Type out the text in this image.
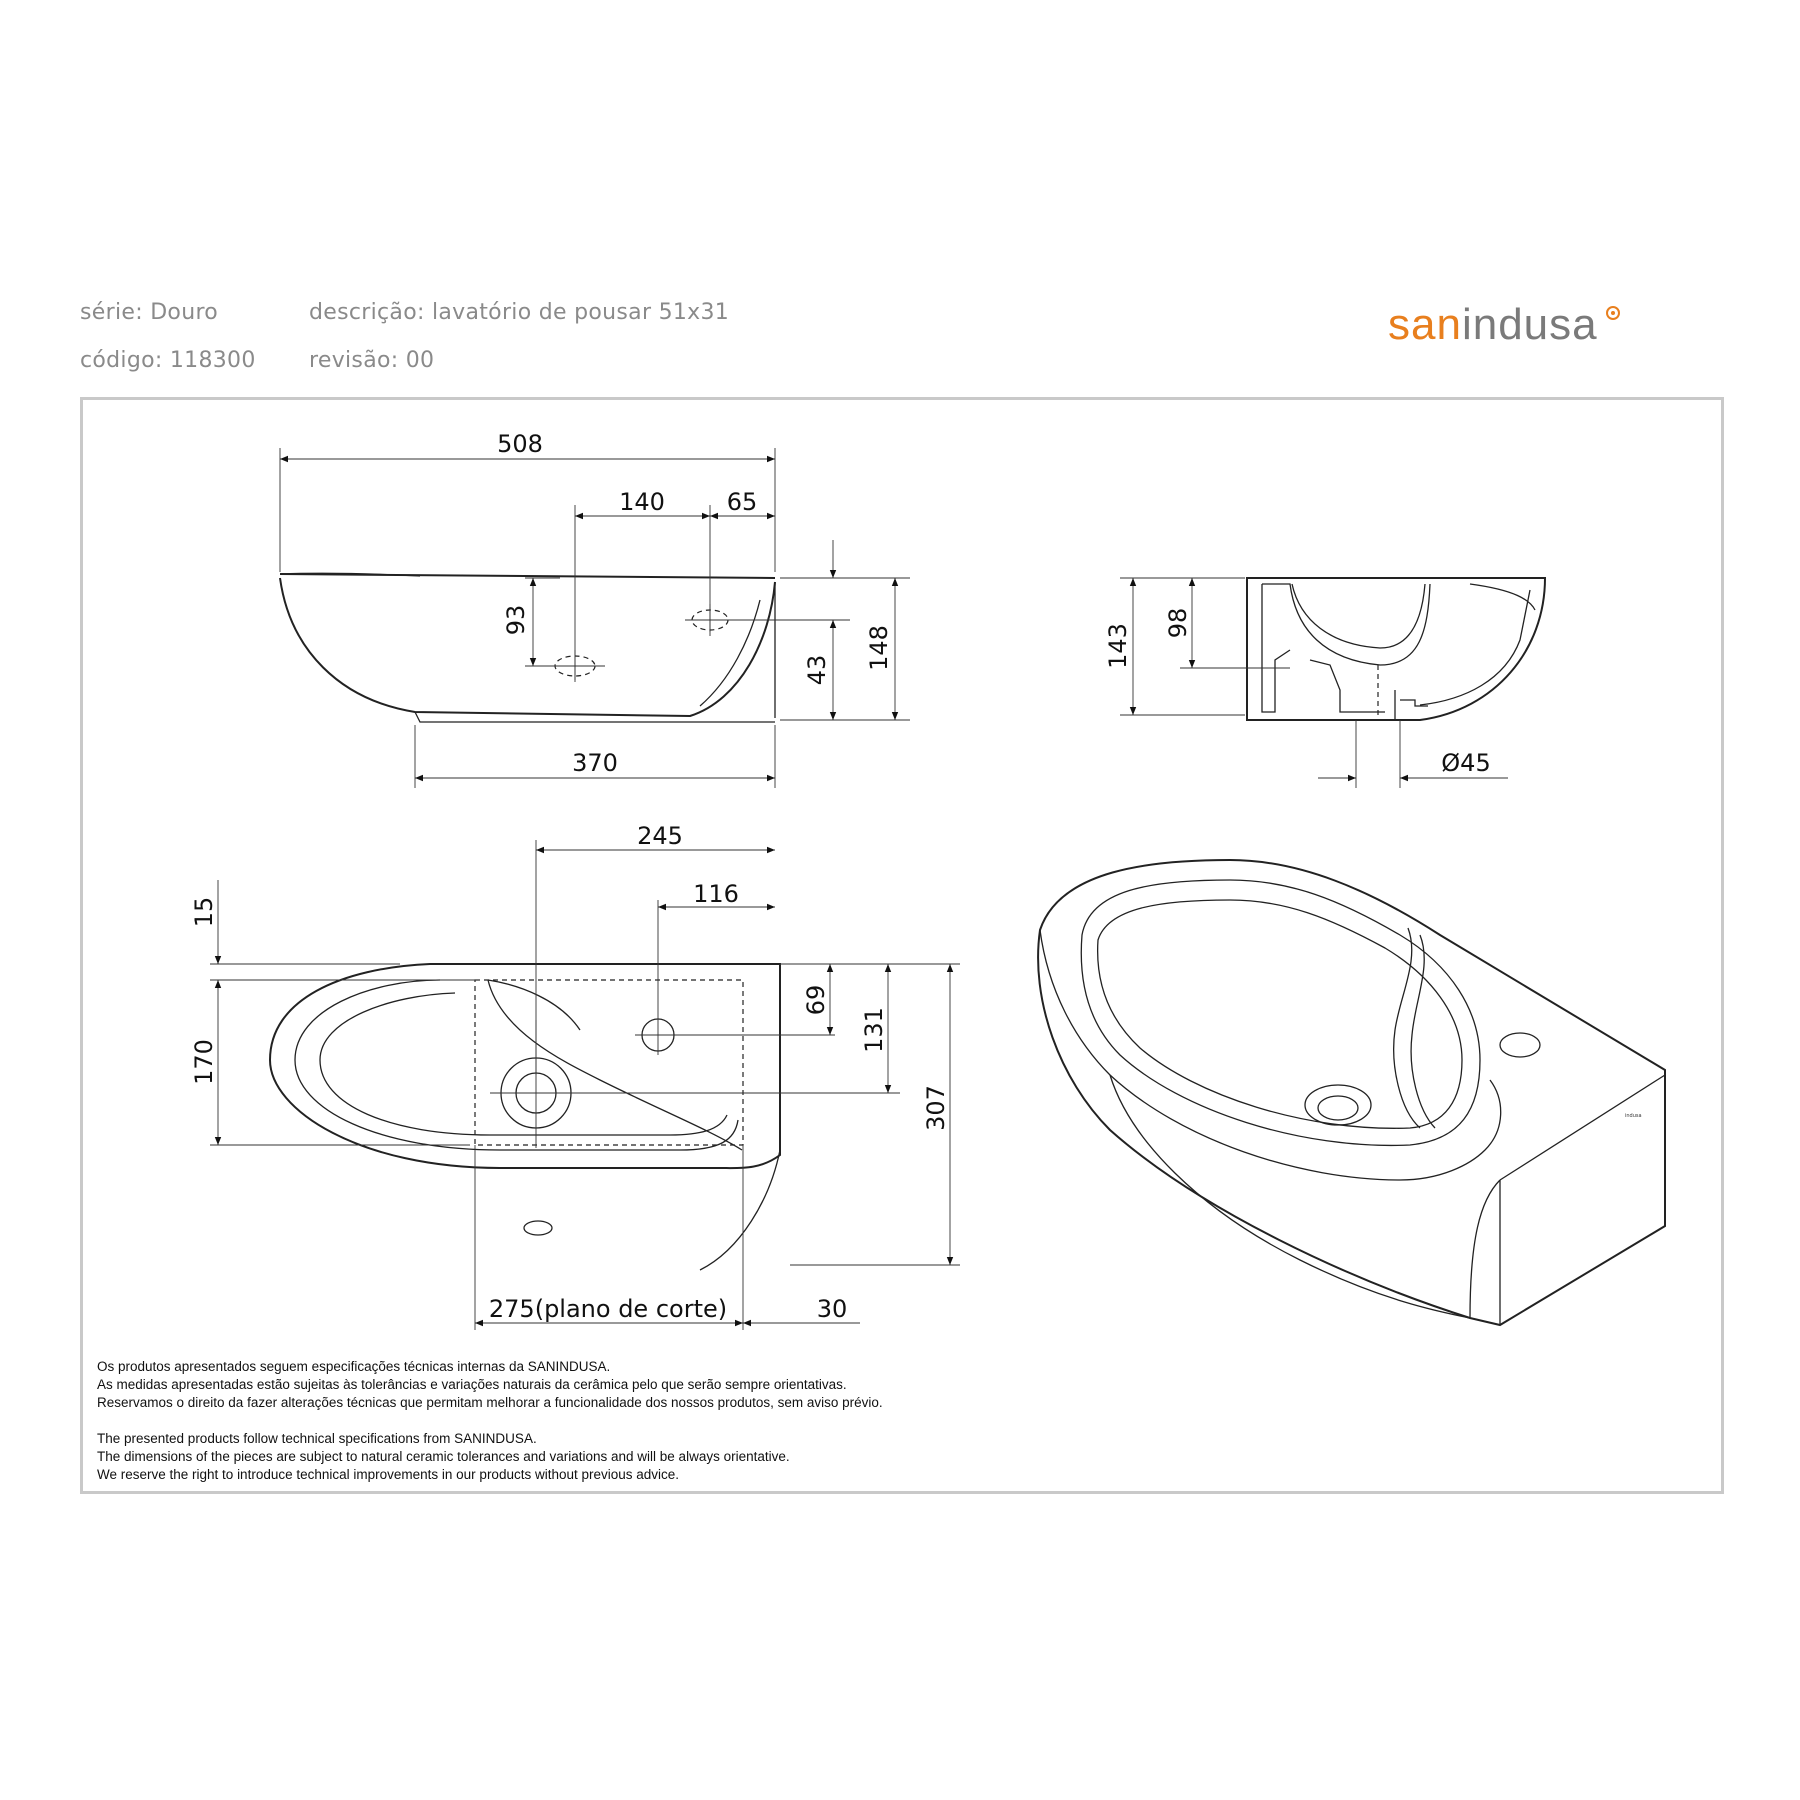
série: Douro
código: 118300
descrição: lavatório de pousar 51x31
revisão: 00
sanindusa
508
140	65
93
43 148
370
143
98
Ø45
15
170
245
116
69
131
307
275(plano de corte)	30
indusa
Os produtos apresentados seguem especificações técnicas internas da SANINDUSA.
As medidas apresentadas estão sujeitas às tolerâncias e variações naturais da cerâmica pelo que serão sempre orientativas.
Reservamos o direito da fazer alterações técnicas que permitam melhorar a funcionalidade dos nossos produtos, sem aviso prévio.
The presented products follow technical specifications from SANINDUSA.
The dimensions of the pieces are subject to natural ceramic tolerances and variations and will be always orientative.
We reserve the right to introduce technical improvements in our products without previous advice.
